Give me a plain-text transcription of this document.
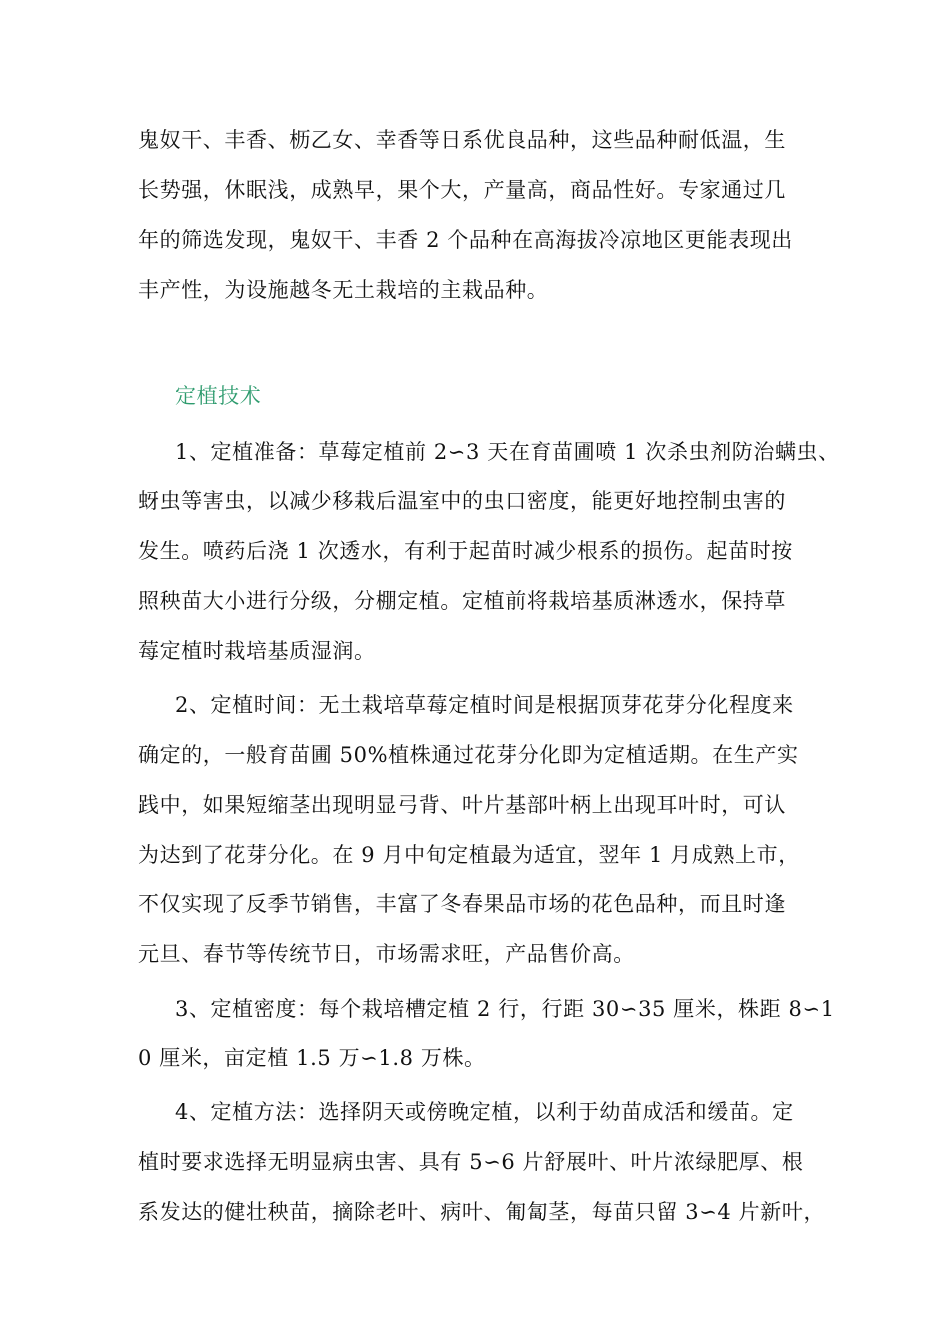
鬼奴干、丰香、枥乙女、幸香等日系优良品种，这些品种耐低温，生
长势强，休眠浅，成熟早，果个大，产量高，商品性好。专家通过几
年的筛选发现，鬼奴干、丰香 2 个品种在高海拔冷凉地区更能表现出
丰产性，为设施越冬无土栽培的主栽品种。
定植技术
1、定植准备：草莓定植前 2∽3 天在育苗圃喷 1 次杀虫剂防治螨虫、
蚜虫等害虫，以减少移栽后温室中的虫口密度，能更好地控制虫害的
发生。喷药后浇 1 次透水，有利于起苗时减少根系的损伤。起苗时按
照秧苗大小进行分级，分棚定植。定植前将栽培基质淋透水，保持草
莓定植时栽培基质湿润。
2、定植时间：无土栽培草莓定植时间是根据顶芽花芽分化程度来
确定的，一般育苗圃 50%植株通过花芽分化即为定植适期。在生产实
践中，如果短缩茎出现明显弓背、叶片基部叶柄上出现耳叶时，可认
为达到了花芽分化。在 9 月中旬定植最为适宜，翌年 1 月成熟上市，
不仅实现了反季节销售，丰富了冬春果品市场的花色品种，而且时逢
元旦、春节等传统节日，市场需求旺，产品售价高。
3、定植密度：每个栽培槽定植 2 行，行距 30∽35 厘米，株距 8∽1
0 厘米，亩定植 1.5 万∽1.8 万株。
4、定植方法：选择阴天或傍晚定植，以利于幼苗成活和缓苗。定
植时要求选择无明显病虫害、具有 5∽6 片舒展叶、叶片浓绿肥厚、根
系发达的健壮秧苗，摘除老叶、病叶、匍匐茎，每苗只留 3∽4 片新叶，
